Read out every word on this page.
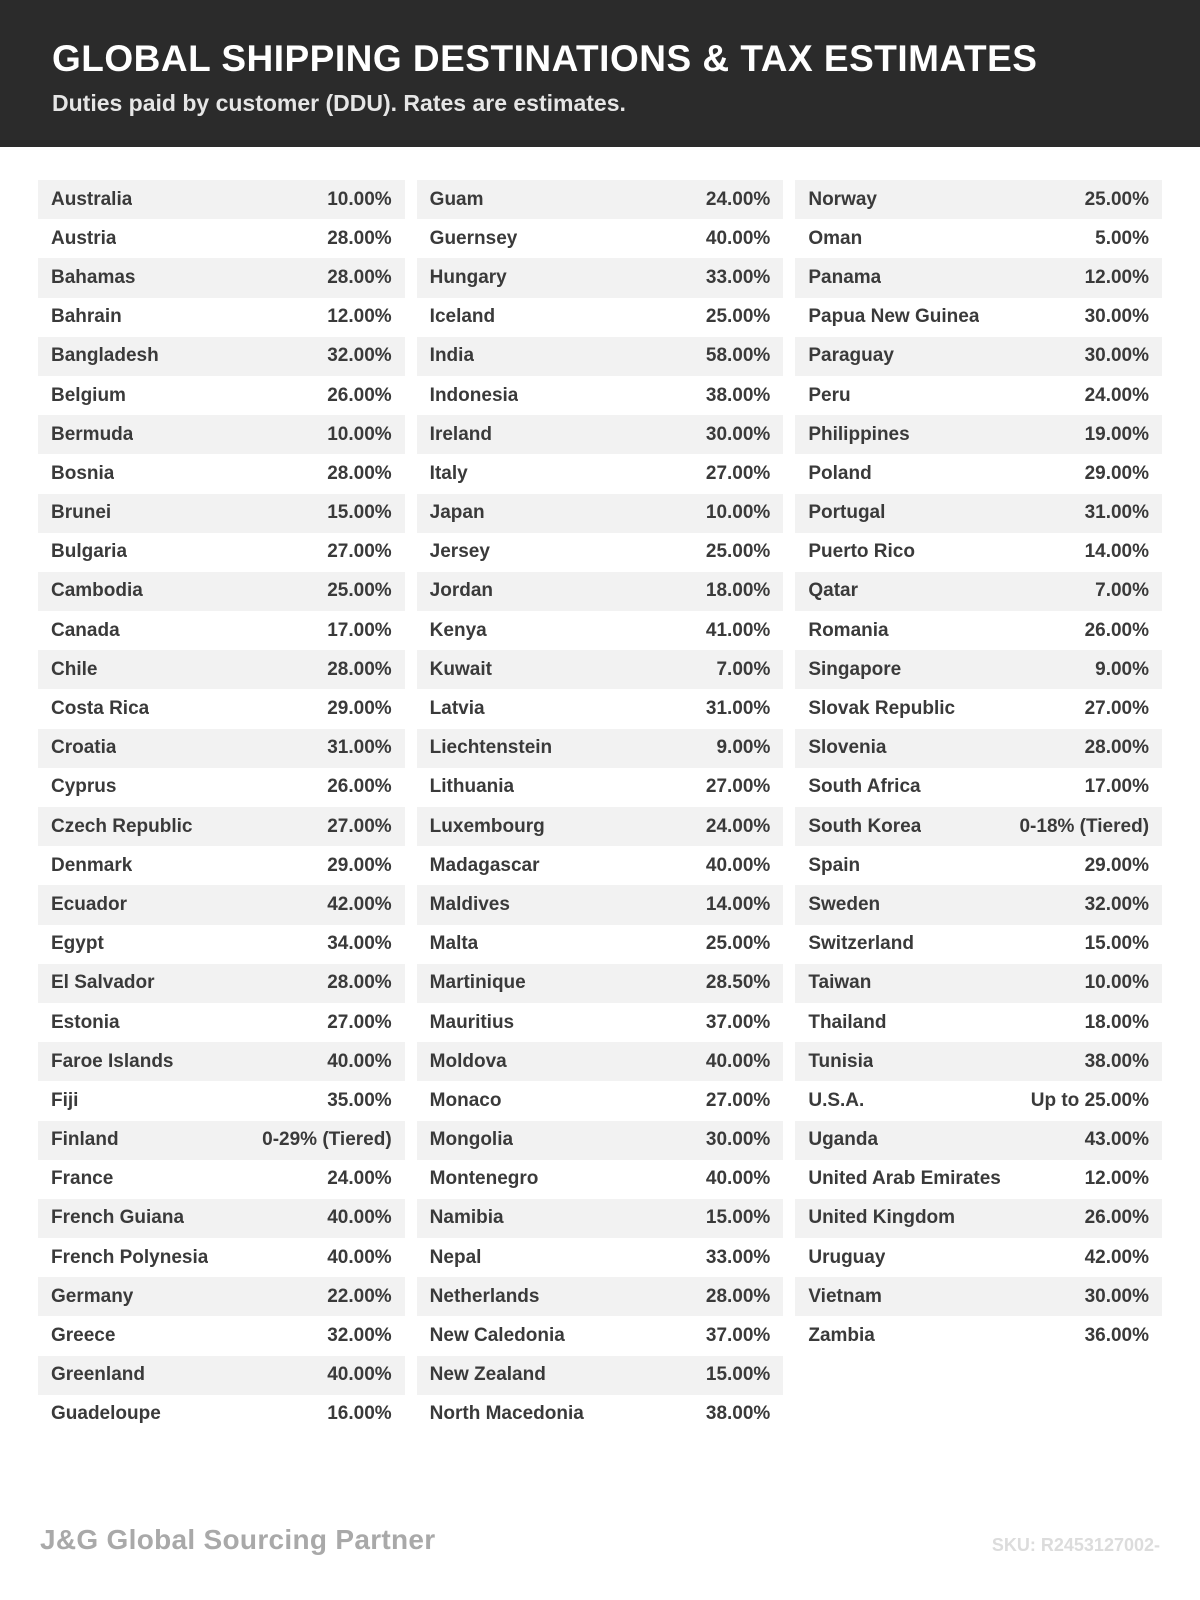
GLOBAL SHIPPING DESTINATIONS & TAX ESTIMATES

Duties paid by customer (DDU). Rates are estimates.

Australia	10.00%
Austria	28.00%
Bahamas	28.00%
Bahrain	12.00%
Bangladesh	32.00%
Belgium	26.00%
Bermuda	10.00%
Bosnia	28.00%
Brunei	15.00%
Bulgaria	27.00%
Cambodia	25.00%
Canada	17.00%
Chile	28.00%
Costa Rica	29.00%
Croatia	31.00%
Cyprus	26.00%
Czech Republic	27.00%
Denmark	29.00%
Ecuador	42.00%
Egypt	34.00%
El Salvador	28.00%
Estonia	27.00%
Faroe Islands	40.00%
Fiji	35.00%
Finland	0-29% (Tiered)
France	24.00%
French Guiana	40.00%
French Polynesia	40.00%
Germany	22.00%
Greece	32.00%
Greenland	40.00%
Guadeloupe	16.00%
Guam	24.00%
Guernsey	40.00%
Hungary	33.00%
Iceland	25.00%
India	58.00%
Indonesia	38.00%
Ireland	30.00%
Italy	27.00%
Japan	10.00%
Jersey	25.00%
Jordan	18.00%
Kenya	41.00%
Kuwait	7.00%
Latvia	31.00%
Liechtenstein	9.00%
Lithuania	27.00%
Luxembourg	24.00%
Madagascar	40.00%
Maldives	14.00%
Malta	25.00%
Martinique	28.50%
Mauritius	37.00%
Moldova	40.00%
Monaco	27.00%
Mongolia	30.00%
Montenegro	40.00%
Namibia	15.00%
Nepal	33.00%
Netherlands	28.00%
New Caledonia	37.00%
New Zealand	15.00%
North Macedonia	38.00%
Norway	25.00%
Oman	5.00%
Panama	12.00%
Papua New Guinea	30.00%
Paraguay	30.00%
Peru	24.00%
Philippines	19.00%
Poland	29.00%
Portugal	31.00%
Puerto Rico	14.00%
Qatar	7.00%
Romania	26.00%
Singapore	9.00%
Slovak Republic	27.00%
Slovenia	28.00%
South Africa	17.00%
South Korea	0-18% (Tiered)
Spain	29.00%
Sweden	32.00%
Switzerland	15.00%
Taiwan	10.00%
Thailand	18.00%
Tunisia	38.00%
U.S.A.	Up to 25.00%
Uganda	43.00%
United Arab Emirates	12.00%
United Kingdom	26.00%
Uruguay	42.00%
Vietnam	30.00%
Zambia	36.00%
J&G Global Sourcing Partner	SKU: R2453127002-
